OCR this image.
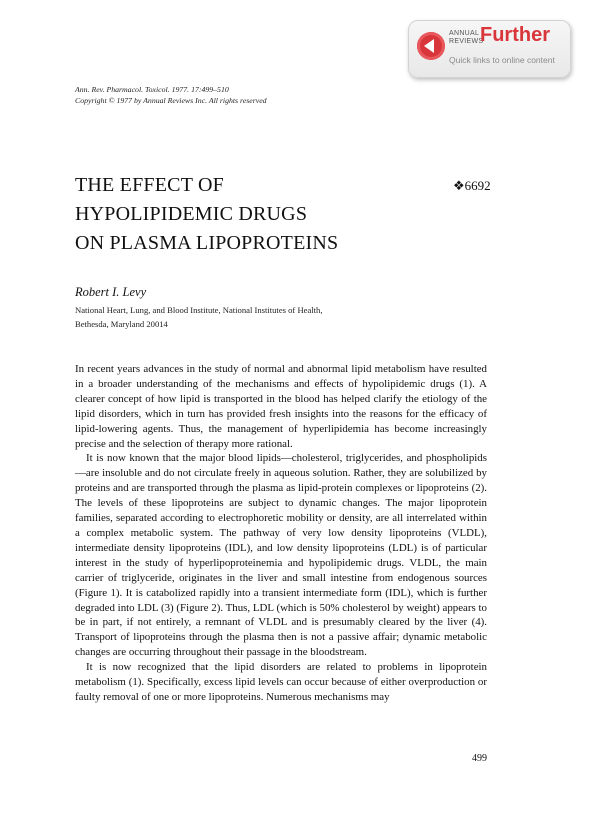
ANNUAL
REVIEWS
Further
Quick links to online content
Ann. Rev. Pharmacol. Toxicol. 1977. 17:499–510
Copyright © 1977 by Annual Reviews Inc. All rights reserved
THE EFFECT OF
HYPOLIPIDEMIC DRUGS
ON PLASMA LIPOPROTEINS
❖6692
Robert I. Levy
National Heart, Lung, and Blood Institute, National Institutes of Health,
Bethesda, Maryland 20014

In recent years advances in the study of normal and abnormal lipid metabolism have resulted in a broader understanding of the mechanisms and effects of hypolipidemic drugs (1). A clearer concept of how lipid is transported in the blood has helped clarify the etiology of the lipid disorders, which in turn has provided fresh insights into the reasons for the efficacy of lipid-lowering agents. Thus, the management of hyperlipidemia has become increasingly precise and the selection of therapy more rational.

It is now known that the major blood lipids—cholesterol, triglycerides, and phospholipids—are insoluble and do not circulate freely in aqueous solution. Rather, they are solubilized by proteins and are transported through the plasma as lipid-protein complexes or lipoproteins (2). The levels of these lipoproteins are subject to dynamic changes. The major lipoprotein families, separated according to electrophoretic mobility or density, are all interrelated within a complex metabolic system. The pathway of very low density lipoproteins (VLDL), intermediate density lipoproteins (IDL), and low density lipoproteins (LDL) is of particular interest in the study of hyperlipoproteinemia and hypolipidemic drugs. VLDL, the main carrier of triglyceride, originates in the liver and small intestine from endogenous sources (Figure 1). It is catabolized rapidly into a transient intermediate form (IDL), which is further degraded into LDL (3) (Figure 2). Thus, LDL (which is 50% cholesterol by weight) appears to be in part, if not entirely, a remnant of VLDL and is presumably cleared by the liver (4). Transport of lipoproteins through the plasma then is not a passive affair; dynamic metabolic changes are occurring throughout their passage in the bloodstream.

It is now recognized that the lipid disorders are related to problems in lipoprotein metabolism (1). Specifically, excess lipid levels can occur because of either overproduction or faulty removal of one or more lipoproteins. Numerous mechanisms may

499
